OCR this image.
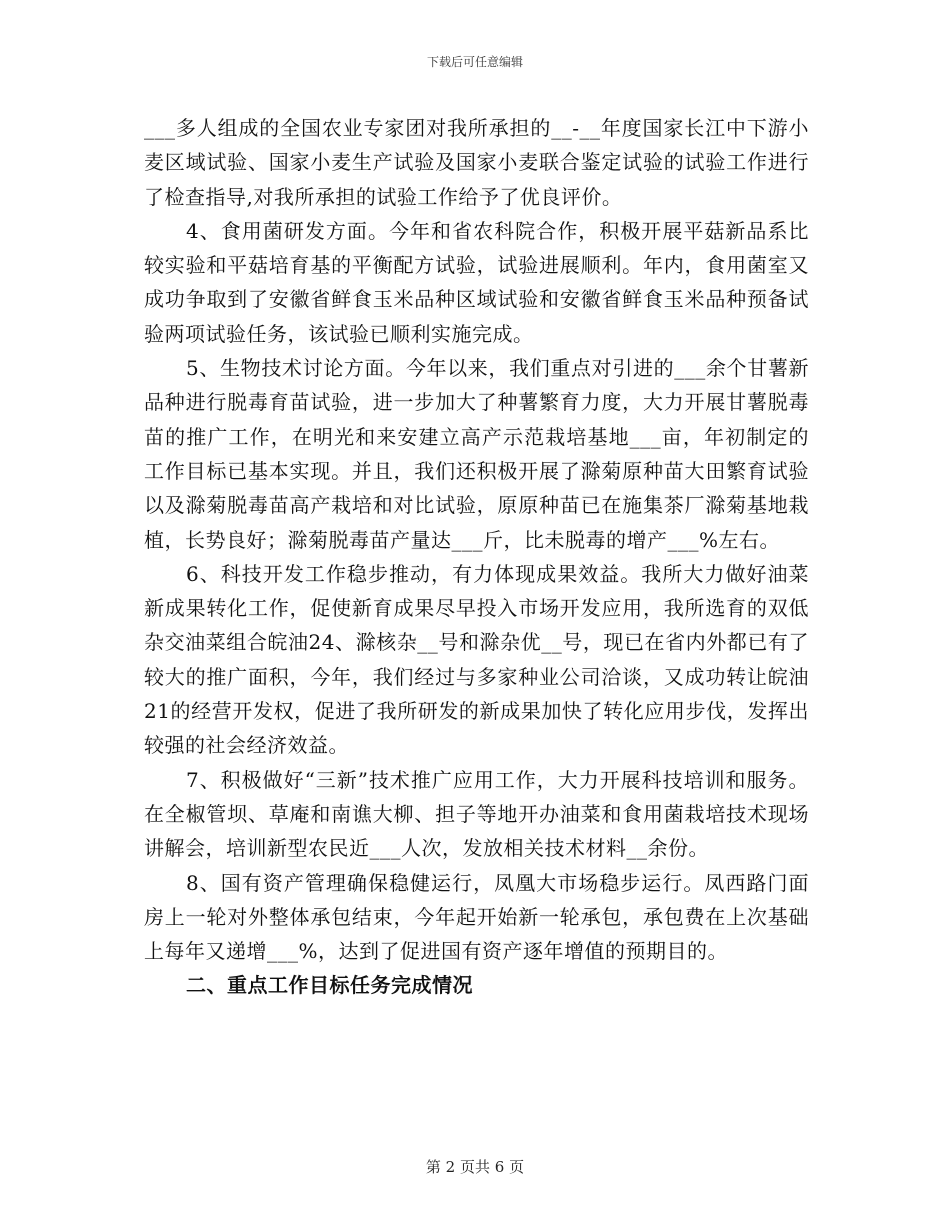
下载后可任意编辑

___多人组成的全国农业专家团对我所承担的__-__年度国家长江中下游小麦区域试验、国家小麦生产试验及国家小麦联合鉴定试验的试验工作进行了检查指导,对我所承担的试验工作给予了优良评价。

4、食用菌研发方面。今年和省农科院合作，积极开展平菇新品系比较实验和平菇培育基的平衡配方试验，试验进展顺利。年内，食用菌室又成功争取到了安徽省鲜食玉米品种区域试验和安徽省鲜食玉米品种预备试验两项试验任务，该试验已顺利实施完成。

5、生物技术讨论方面。今年以来，我们重点对引进的___余个甘薯新品种进行脱毒育苗试验，进一步加大了种薯繁育力度，大力开展甘薯脱毒苗的推广工作，在明光和来安建立高产示范栽培基地___亩，年初制定的工作目标已基本实现。并且，我们还积极开展了滁菊原种苗大田繁育试验以及滁菊脱毒苗高产栽培和对比试验，原原种苗已在施集茶厂滁菊基地栽植，长势良好；滁菊脱毒苗产量达___斤，比未脱毒的增产___%左右。

6、科技开发工作稳步推动，有力体现成果效益。我所大力做好油菜新成果转化工作，促使新育成果尽早投入市场开发应用，我所选育的双低杂交油菜组合皖油24、滁核杂__号和滁杂优__号，现已在省内外都已有了较大的推广面积，今年，我们经过与多家种业公司洽谈，又成功转让皖油21的经营开发权，促进了我所研发的新成果加快了转化应用步伐，发挥出较强的社会经济效益。

7、积极做好“三新”技术推广应用工作，大力开展科技培训和服务。在全椒管坝、草庵和南谯大柳、担子等地开办油菜和食用菌栽培技术现场讲解会，培训新型农民近___人次，发放相关技术材料__余份。

8、国有资产管理确保稳健运行，凤凰大市场稳步运行。凤西路门面房上一轮对外整体承包结束，今年起开始新一轮承包，承包费在上次基础上每年又递增___%，达到了促进国有资产逐年增值的预期目的。

二、重点工作目标任务完成情况

第 2 页共 6 页
